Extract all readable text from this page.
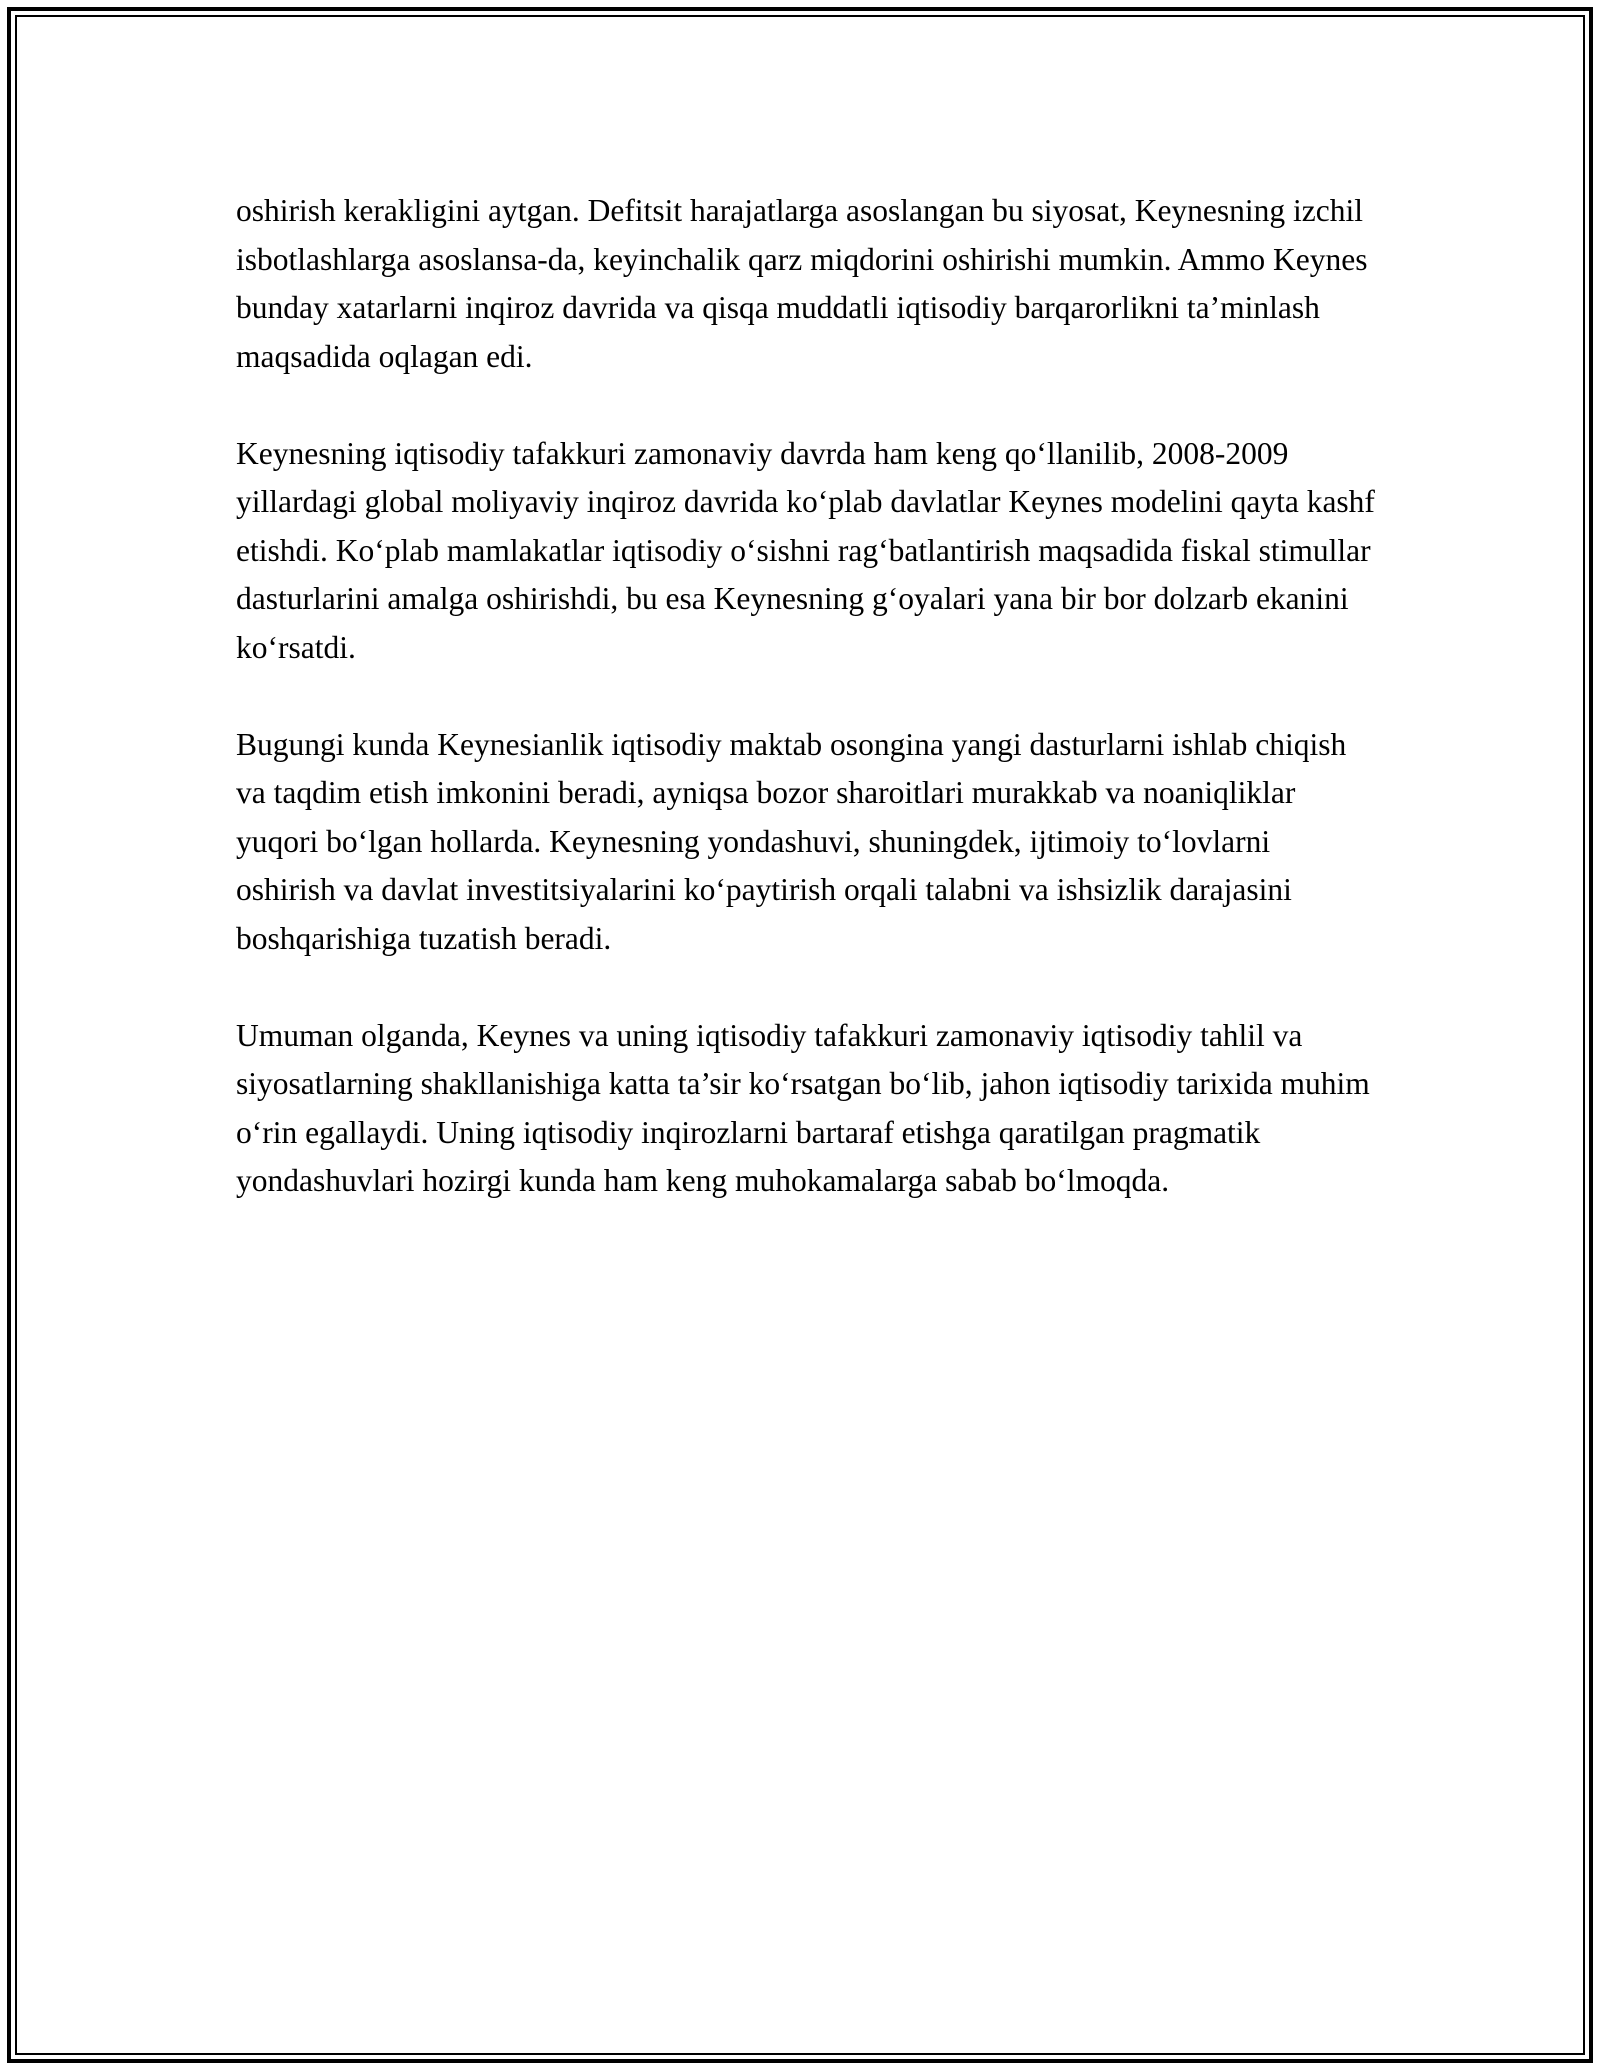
oshirish kerakligini aytgan. Defitsit harajatlarga asoslangan bu siyosat, Keynesning izchil isbotlashlarga asoslansa-da, keyinchalik qarz miqdorini oshirishi mumkin. Ammo Keynes bunday xatarlarni inqiroz davrida va qisqa muddatli iqtisodiy barqarorlikni ta’minlash maqsadida oqlagan edi.

Keynesning iqtisodiy tafakkuri zamonaviy davrda ham keng qo‘llanilib, 2008-2009 yillardagi global moliyaviy inqiroz davrida ko‘plab davlatlar Keynes modelini qayta kashf etishdi. Ko‘plab mamlakatlar iqtisodiy o‘sishni rag‘batlantirish maqsadida fiskal stimullar dasturlarini amalga oshirishdi, bu esa Keynesning g‘oyalari yana bir bor dolzarb ekanini ko‘rsatdi.

Bugungi kunda Keynesianlik iqtisodiy maktab osongina yangi dasturlarni ishlab chiqish va taqdim etish imkonini beradi, ayniqsa bozor sharoitlari murakkab va noaniqliklar yuqori bo‘lgan hollarda. Keynesning yondashuvi, shuningdek, ijtimoiy to‘lovlarni oshirish va davlat investitsiyalarini ko‘paytirish orqali talabni va ishsizlik darajasini boshqarishiga tuzatish beradi.

Umuman olganda, Keynes va uning iqtisodiy tafakkuri zamonaviy iqtisodiy tahlil va siyosatlarning shakllanishiga katta ta’sir ko‘rsatgan bo‘lib, jahon iqtisodiy tarixida muhim o‘rin egallaydi. Uning iqtisodiy inqirozlarni bartaraf etishga qaratilgan pragmatik yondashuvlari hozirgi kunda ham keng muhokamalarga sabab bo‘lmoqda.
